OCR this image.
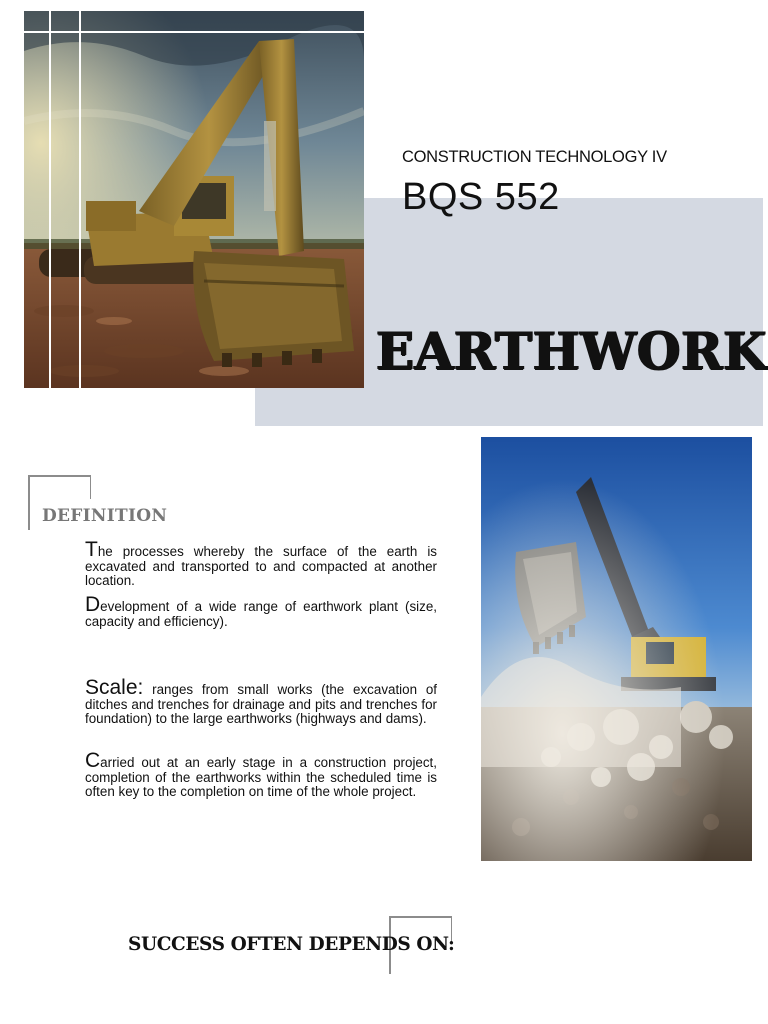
CONSTRUCTION TECHNOLOGY IV
BQS 552
EARTHWORK
DEFINITION
The processes whereby the surface of the earth is excavated and transported to and compacted at another location.
Development of a wide range of earthwork plant (size, capacity and efficiency).
Scale: ranges from small works (the excavation of ditches and trenches for drainage and pits and trenches for foundation) to the large earthworks (highways and dams).
Carried out at an early stage in a construction project, completion of the earthworks within the scheduled time is often key to the completion on time of the whole project.
SUCCESS OFTEN DEPENDS ON:
